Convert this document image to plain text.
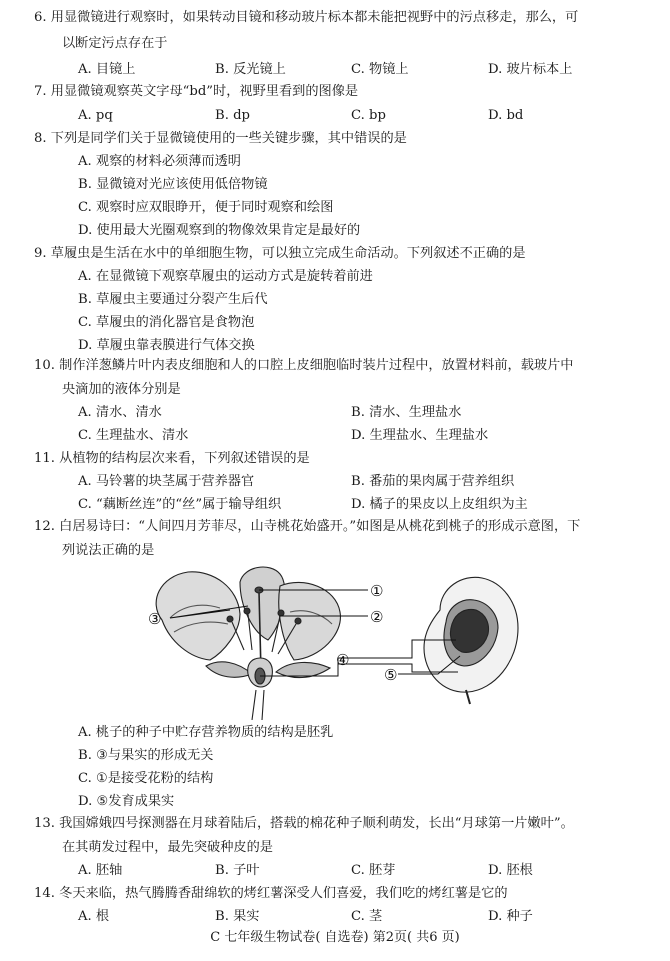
6. 用显微镜进行观察时，如果转动目镜和移动玻片标本都未能把视野中的污点移走，那么，可
以断定污点存在于
A. 目镜上	B. 反光镜上	C. 物镜上	D. 玻片标本上
7. 用显微镜观察英文字母“bd”时，视野里看到的图像是
A. pq	B. dp	C. bp	D. bd
8. 下列是同学们关于显微镜使用的一些关键步骤，其中错误的是
A. 观察的材料必须薄而透明
B. 显微镜对光应该使用低倍物镜
C. 观察时应双眼睁开，便于同时观察和绘图
D. 使用最大光圈观察到的物像效果肯定是最好的
9. 草履虫是生活在水中的单细胞生物，可以独立完成生命活动。下列叙述不正确的是
A. 在显微镜下观察草履虫的运动方式是旋转着前进
B. 草履虫主要通过分裂产生后代
C. 草履虫的消化器官是食物泡
D. 草履虫靠表膜进行气体交换
10. 制作洋葱鳞片叶内表皮细胞和人的口腔上皮细胞临时装片过程中，放置材料前，载玻片中
央滴加的液体分别是
A. 清水、清水	B. 清水、生理盐水
C. 生理盐水、清水	D. 生理盐水、生理盐水
11. 从植物的结构层次来看，下列叙述错误的是
A. 马铃薯的块茎属于营养器官	B. 番茄的果肉属于营养组织
C. “藕断丝连”的“丝”属于输导组织	D. 橘子的果皮以上皮组织为主
12. 白居易诗曰：“人间四月芳菲尽，山寺桃花始盛开。”如图是从桃花到桃子的形成示意图，下
列说法正确的是
①
②
③
④
⑤
A. 桃子的种子中贮存营养物质的结构是胚乳
B. ③与果实的形成无关
C. ①是接受花粉的结构
D. ⑤发育成果实
13. 我国嫦娥四号探测器在月球着陆后，搭载的棉花种子顺利萌发，长出“月球第一片嫩叶”。
在其萌发过程中，最先突破种皮的是
A. 胚轴	B. 子叶	C. 胚芽	D. 胚根
14. 冬天来临，热气腾腾香甜绵软的烤红薯深受人们喜爱，我们吃的烤红薯是它的
A. 根	B. 果实	C. 茎	D. 种子
C 七年级生物试卷( 自选卷) 第2页( 共6 页)
